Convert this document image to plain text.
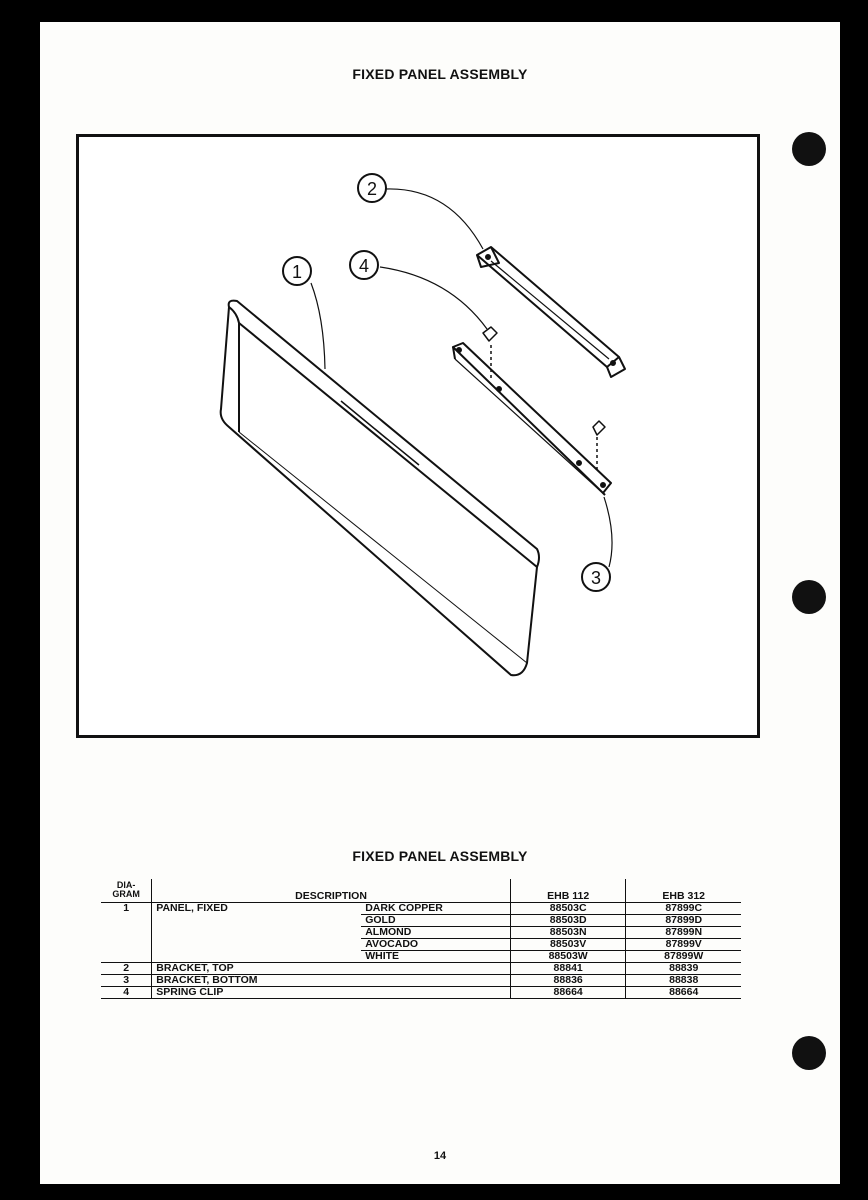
FIXED PANEL ASSEMBLY
2
1	4
3
FIXED PANEL ASSEMBLY
DIA-
GRAM	DESCRIPTION		EHB 112	EHB 312
1	PANEL, FIXED	DARK COPPER	88503C	87899C
		GOLD	88503D	87899D
		ALMOND	88503N	87899N
		AVOCADO	88503V	87899V
		WHITE	88503W	87899W
2	BRACKET, TOP		88841	88839
3	BRACKET, BOTTOM		88836	88838
4	SPRING CLIP		88664	88664
14
